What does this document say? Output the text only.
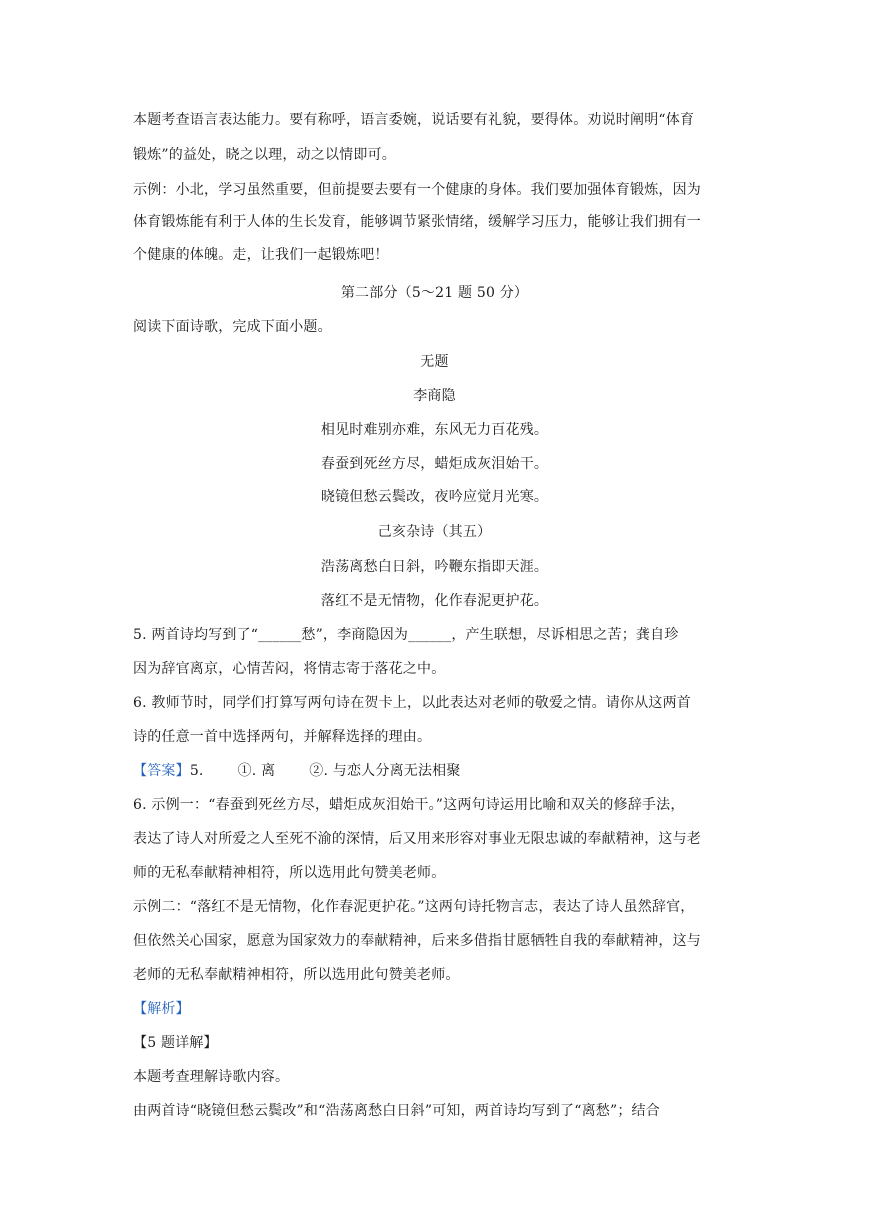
本题考查语言表达能力。要有称呼，语言委婉，说话要有礼貌，要得体。劝说时阐明“体育
锻炼”的益处，晓之以理，动之以情即可。
示例：小北，学习虽然重要，但前提要去要有一个健康的身体。我们要加强体育锻炼，因为
体育锻炼能有利于人体的生长发育，能够调节紧张情绪，缓解学习压力，能够让我们拥有一
个健康的体魄。走，让我们一起锻炼吧！
第二部分（5～21 题 50 分）
阅读下面诗歌，完成下面小题。
无题
李商隐
相见时难别亦难，东风无力百花残。
春蚕到死丝方尽，蜡炬成灰泪始干。
晓镜但愁云鬓改，夜吟应觉月光寒。
己亥杂诗（其五）
浩荡离愁白日斜，吟鞭东指即天涯。
落红不是无情物，化作春泥更护花。
5. 两首诗均写到了“______愁”，李商隐因为______，产生联想，尽诉相思之苦；龚自珍
因为辞官离京，心情苦闷，将情志寄于落花之中。
6. 教师节时，同学们打算写两句诗在贺卡上，以此表达对老师的敬爱之情。请你从这两首
诗的任意一首中选择两句，并解释选择的理由。
【答案】5. ①. 离 ②. 与恋人分离无法相聚
6. 示例一：“春蚕到死丝方尽，蜡炬成灰泪始干。”这两句诗运用比喻和双关的修辞手法，
表达了诗人对所爱之人至死不渝的深情，后又用来形容对事业无限忠诚的奉献精神，这与老
师的无私奉献精神相符，所以选用此句赞美老师。
示例二：“落红不是无情物，化作春泥更护花。”这两句诗托物言志，表达了诗人虽然辞官，
但依然关心国家，愿意为国家效力的奉献精神，后来多借指甘愿牺牲自我的奉献精神，这与
老师的无私奉献精神相符，所以选用此句赞美老师。
【解析】
【5 题详解】
本题考查理解诗歌内容。
由两首诗“晓镜但愁云鬓改”和“浩荡离愁白日斜”可知，两首诗均写到了“离愁”；结合
